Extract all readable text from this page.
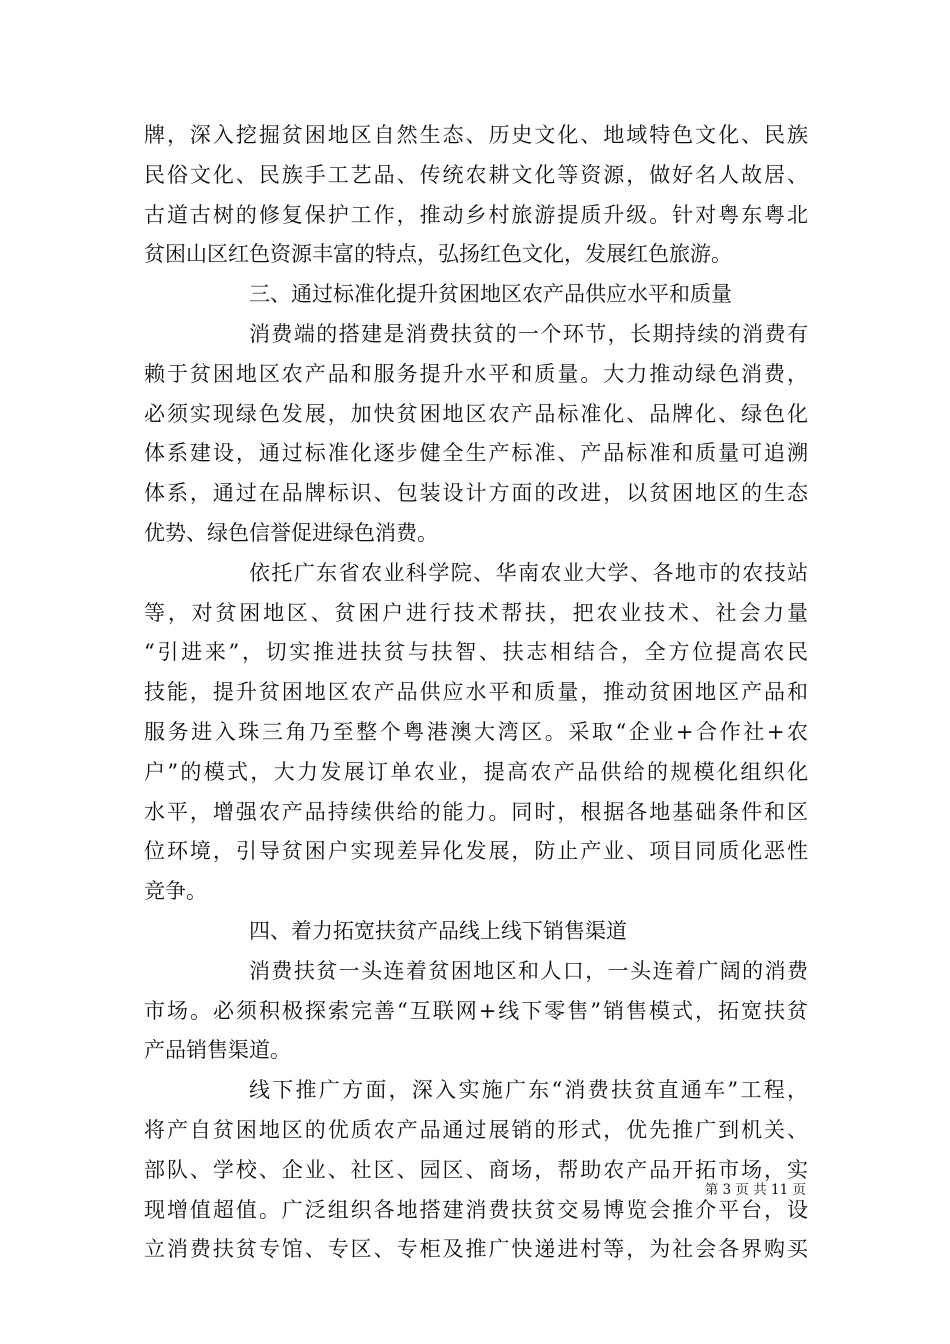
牌，深入挖掘贫困地区自然生态、历史文化、地域特色文化、民族
民俗文化、民族手工艺品、传统农耕文化等资源，做好名人故居、
古道古树的修复保护工作，推动乡村旅游提质升级。针对粤东粤北
贫困山区红色资源丰富的特点，弘扬红色文化，发展红色旅游。
三、通过标准化提升贫困地区农产品供应水平和质量
消费端的搭建是消费扶贫的一个环节，长期持续的消费有
赖于贫困地区农产品和服务提升水平和质量。大力推动绿色消费，
必须实现绿色发展，加快贫困地区农产品标准化、品牌化、绿色化
体系建设，通过标准化逐步健全生产标准、产品标准和质量可追溯
体系，通过在品牌标识、包装设计方面的改进，以贫困地区的生态
优势、绿色信誉促进绿色消费。
依托广东省农业科学院、华南农业大学、各地市的农技站
等，对贫困地区、贫困户进行技术帮扶，把农业技术、社会力量
“引进来”，切实推进扶贫与扶智、扶志相结合，全方位提高农民
技能，提升贫困地区农产品供应水平和质量，推动贫困地区产品和
服务进入珠三角乃至整个粤港澳大湾区。采取“企业+合作社+农
户”的模式，大力发展订单农业，提高农产品供给的规模化组织化
水平，增强农产品持续供给的能力。同时，根据各地基础条件和区
位环境，引导贫困户实现差异化发展，防止产业、项目同质化恶性
竞争。
四、着力拓宽扶贫产品线上线下销售渠道
消费扶贫一头连着贫困地区和人口，一头连着广阔的消费
市场。必须积极探索完善“互联网+线下零售”销售模式，拓宽扶贫
产品销售渠道。
线下推广方面，深入实施广东“消费扶贫直通车”工程，
将产自贫困地区的优质农产品通过展销的形式，优先推广到机关、
部队、学校、企业、社区、园区、商场，帮助农产品开拓市场，实
现增值超值。广泛组织各地搭建消费扶贫交易博览会推介平台，设
立消费扶贫专馆、专区、专柜及推广快递进村等，为社会各界购买
第 3 页 共 11 页
